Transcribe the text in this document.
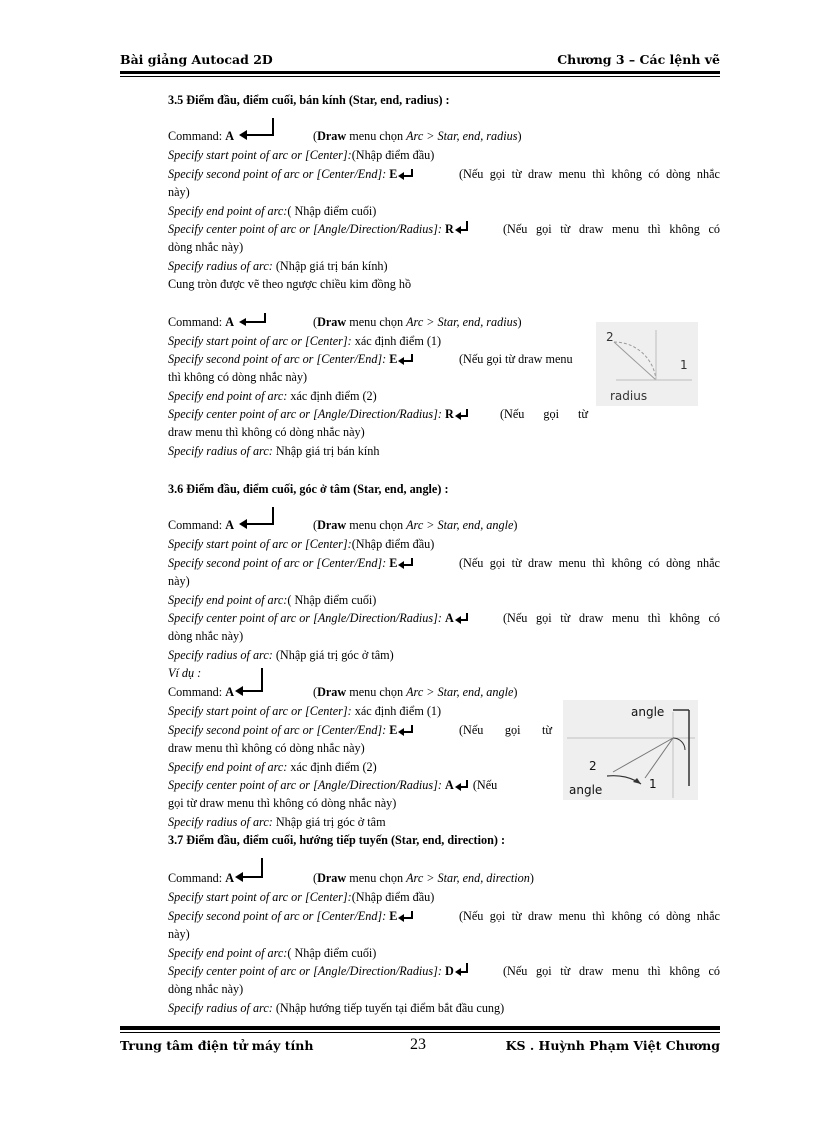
Bài giảng Autocad 2D	Chương 3 – Các lệnh vẽ
3.5 Điểm đầu, điểm cuối, bán kính (Star, end, radius) :
Command: A	(Draw menu chọn Arc > Star, end, radius)
Specify start point of arc or [Center]:(Nhập điểm đầu)
Specify second point of arc or [Center/End]: E	(Nếu gọi từ draw menu thì không có dòng nhắc
này)
Specify end point of arc:( Nhập điểm cuối)
Specify center point of arc or [Angle/Direction/Radius]: R	(Nếu gọi từ draw menu thì không có
dòng nhắc này)
Specify radius of arc: (Nhập giá trị bán kính)
Cung tròn được vẽ theo ngược chiều kim đồng hồ
Command: A	(Draw menu chọn Arc > Star, end, radius)
Specify start point of arc or [Center]: xác định điểm (1)
Specify second point of arc or [Center/End]: E	(Nếu gọi từ draw menu
thì không có dòng nhắc này)
Specify end point of arc: xác định điểm (2)
Specify center point of arc or [Angle/Direction/Radius]: R	(Nếu gọi từ
draw menu thì không có dòng nhắc này)
Specify radius of arc: Nhập giá trị bán kính
3.6 Điểm đầu, điểm cuối, góc ở tâm (Star, end, angle) :
Command: A	(Draw menu chọn Arc > Star, end, angle)
Specify start point of arc or [Center]:(Nhập điểm đầu)
Specify second point of arc or [Center/End]: E	(Nếu gọi từ draw menu thì không có dòng nhắc
này)
Specify end point of arc:( Nhập điểm cuối)
Specify center point of arc or [Angle/Direction/Radius]: A	(Nếu gọi từ draw menu thì không có
dòng nhắc này)
Specify radius of arc: (Nhập giá trị góc ở tâm)
Ví dụ :
Command: A	(Draw menu chọn Arc > Star, end, angle)
Specify start point of arc or [Center]: xác định điểm (1)
Specify second point of arc or [Center/End]: E	(Nếu gọi từ
draw menu thì không có dòng nhắc này)
Specify end point of arc: xác định điểm (2)
Specify center point of arc or [Angle/Direction/Radius]: A (Nếu
gọi từ draw menu thì không có dòng nhắc này)
Specify radius of arc: Nhập giá trị góc ở tâm
3.7 Điểm đầu, điểm cuối, hướng tiếp tuyến (Star, end, direction) :
Command: A	(Draw menu chọn Arc > Star, end, direction)
Specify start point of arc or [Center]:(Nhập điểm đầu)
Specify second point of arc or [Center/End]: E	(Nếu gọi từ draw menu thì không có dòng nhắc
này)
Specify end point of arc:( Nhập điểm cuối)
Specify center point of arc or [Angle/Direction/Radius]: D	(Nếu gọi từ draw menu thì không có
dòng nhắc này)
Specify radius of arc: (Nhập hướng tiếp tuyến tại điểm bắt đầu cung)
2
1
radius
angle
angle
2
1
Trung tâm điện tử máy tính	23	KS . Huỳnh Phạm Việt Chương
